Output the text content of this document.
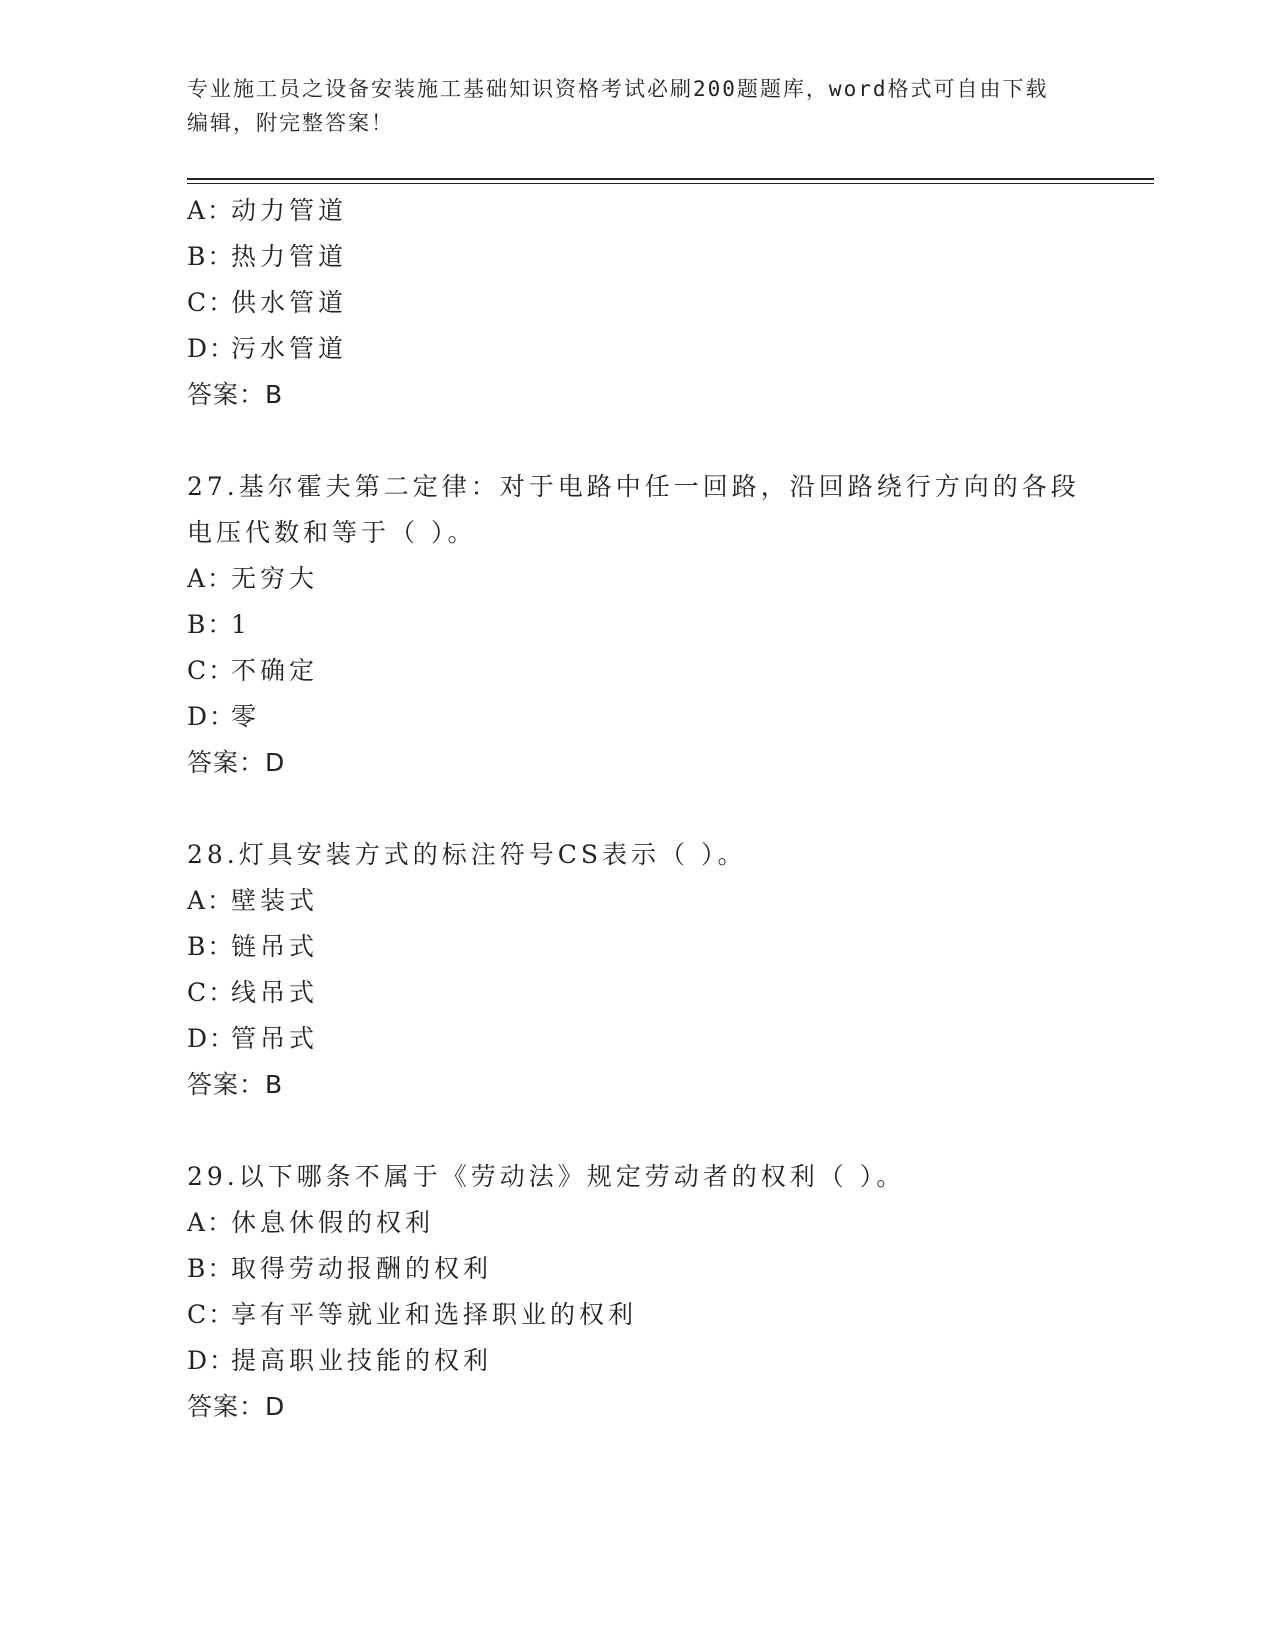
专业施工员之设备安装施工基础知识资格考试必刷200题题库，word格式可自由下载编辑，附完整答案！
A：动力管道
B：热力管道
C：供水管道
D：污水管道
答案：B
27.基尔霍夫第二定律：对于电路中任一回路，沿回路绕行方向的各段电压代数和等于（ ）。
A：无穷大
B：1
C：不确定
D：零
答案：D
28.灯具安装方式的标注符号CS表示（ ）。
A：壁装式
B：链吊式
C：线吊式
D：管吊式
答案：B
29.以下哪条不属于《劳动法》规定劳动者的权利（ ）。
A：休息休假的权利
B：取得劳动报酬的权利
C：享有平等就业和选择职业的权利
D：提高职业技能的权利
答案：D
